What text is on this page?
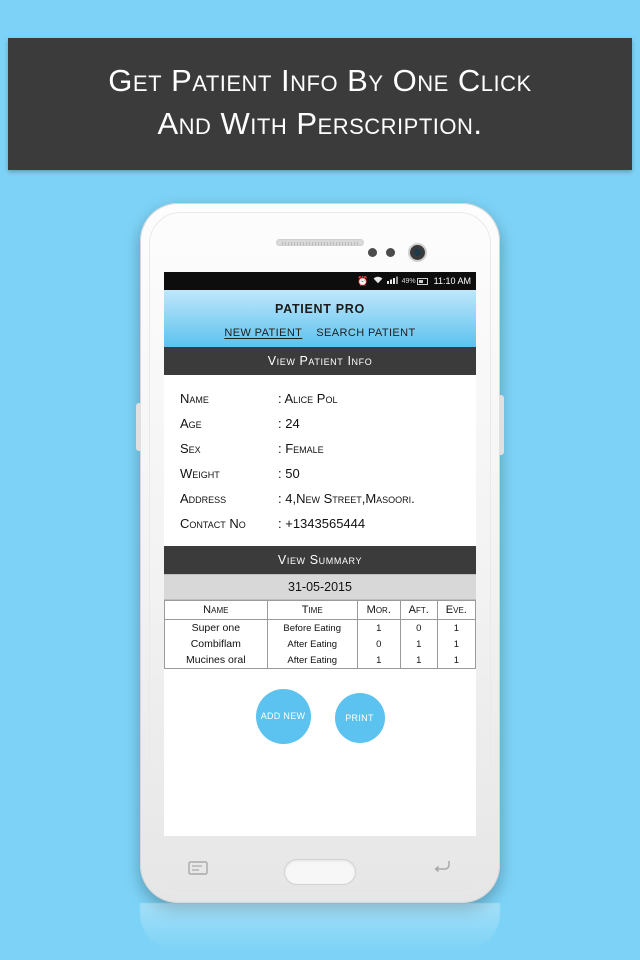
Get Patient Info By One Click
And With Perscription.
⏰	49% 11:10 AM
PATIENT PRO
NEW PATIENT SEARCH PATIENT
View Patient Info
Name	: Alice Pol
Age	: 24
Sex	: Female
Weight	: 50
Address	: 4,New Street,Masoori.
Contact No	: +1343565444
View Summary
31-05-2015
Name	Time	Mor.	Aft.	Eve.
Super one	Before Eating	1	0	1
Combiflam	After Eating	0	1	1
Mucines oral	After Eating	1	1	1
ADD NEW	PRINT
